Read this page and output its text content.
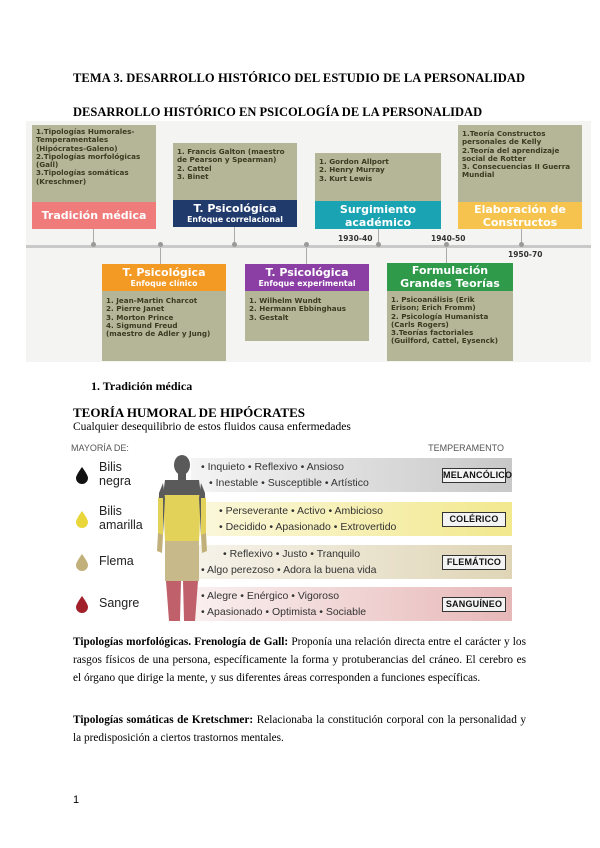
TEMA 3. DESARROLLO HISTÓRICO DEL ESTUDIO DE LA PERSONALIDAD
DESARROLLO HISTÓRICO EN PSICOLOGÍA DE LA PERSONALIDAD
1.Tipologías Humorales-
Temperamentales
(Hipócrates-Galeno)
2.Tipologías morfológicas
(Gall)
3.Tipologías somáticas
(Kreschmer)
1. Francis Galton (maestro
de Pearson y Spearman)
2. Cattel
3. Binet
1. Gordon Allport
2. Henry Murray
3. Kurt Lewis
1.Teoría Constructos
personales de Kelly
2.Teoría del aprendizaje
social de Rotter
3. Consecuencias II Guerra
Mundial
Tradición médica
T. Psicológica
Enfoque correlacional
Surgimiento
académico
Elaboración de
Constructos
1930-40	1940-50
1950-70
T. Psicológica
Enfoque clínico
T. Psicológica
Enfoque experimental
Formulación
Grandes Teorías
1. Jean-Martin Charcot
2. Pierre Janet
3. Morton Prince
4. Sigmund Freud
(maestro de Adler y Jung)
1. Wilhelm Wundt
2. Hermann Ebbinghaus
3. Gestalt
1. Psicoanálisis (Erik
Erison; Erich Fromm)
2. Psicología Humanista
(Carls Rogers)
3.Teorías factoriales
(Guilford, Cattel, Eysenck)
1. Tradición médica
TEORÍA HUMORAL DE HIPÓCRATES
Cualquier desequilibrio de estos fluidos causa enfermedades
MAYORÍA DE:	TEMPERAMENTO
Bilis
negra
• Inquieto • Reflexivo • Ansioso
• Inestable • Susceptible • Artístico
MELANCÓLICO
Bilis
amarilla
• Perseverante • Activo • Ambicioso
• Decidido • Apasionado • Extrovertido
COLÉRICO
Flema	• Reflexivo • Justo • Tranquilo
• Algo perezoso • Adora la buena vida
FLEMÁTICO
Sangre	• Alegre • Enérgico • Vigoroso
• Apasionado • Optimista • Sociable
SANGUÍNEO
Tipologías morfológicas. Frenología de Gall: Proponía una relación directa entre el carácter y los rasgos físicos de una persona, específicamente la forma y protuberancias del cráneo. El cerebro es el órgano que dirige la mente, y sus diferentes áreas corresponden a funciones específicas.
Tipologías somáticas de Kretschmer: Relacionaba la constitución corporal con la personalidad y la predisposición a ciertos trastornos mentales.
1
